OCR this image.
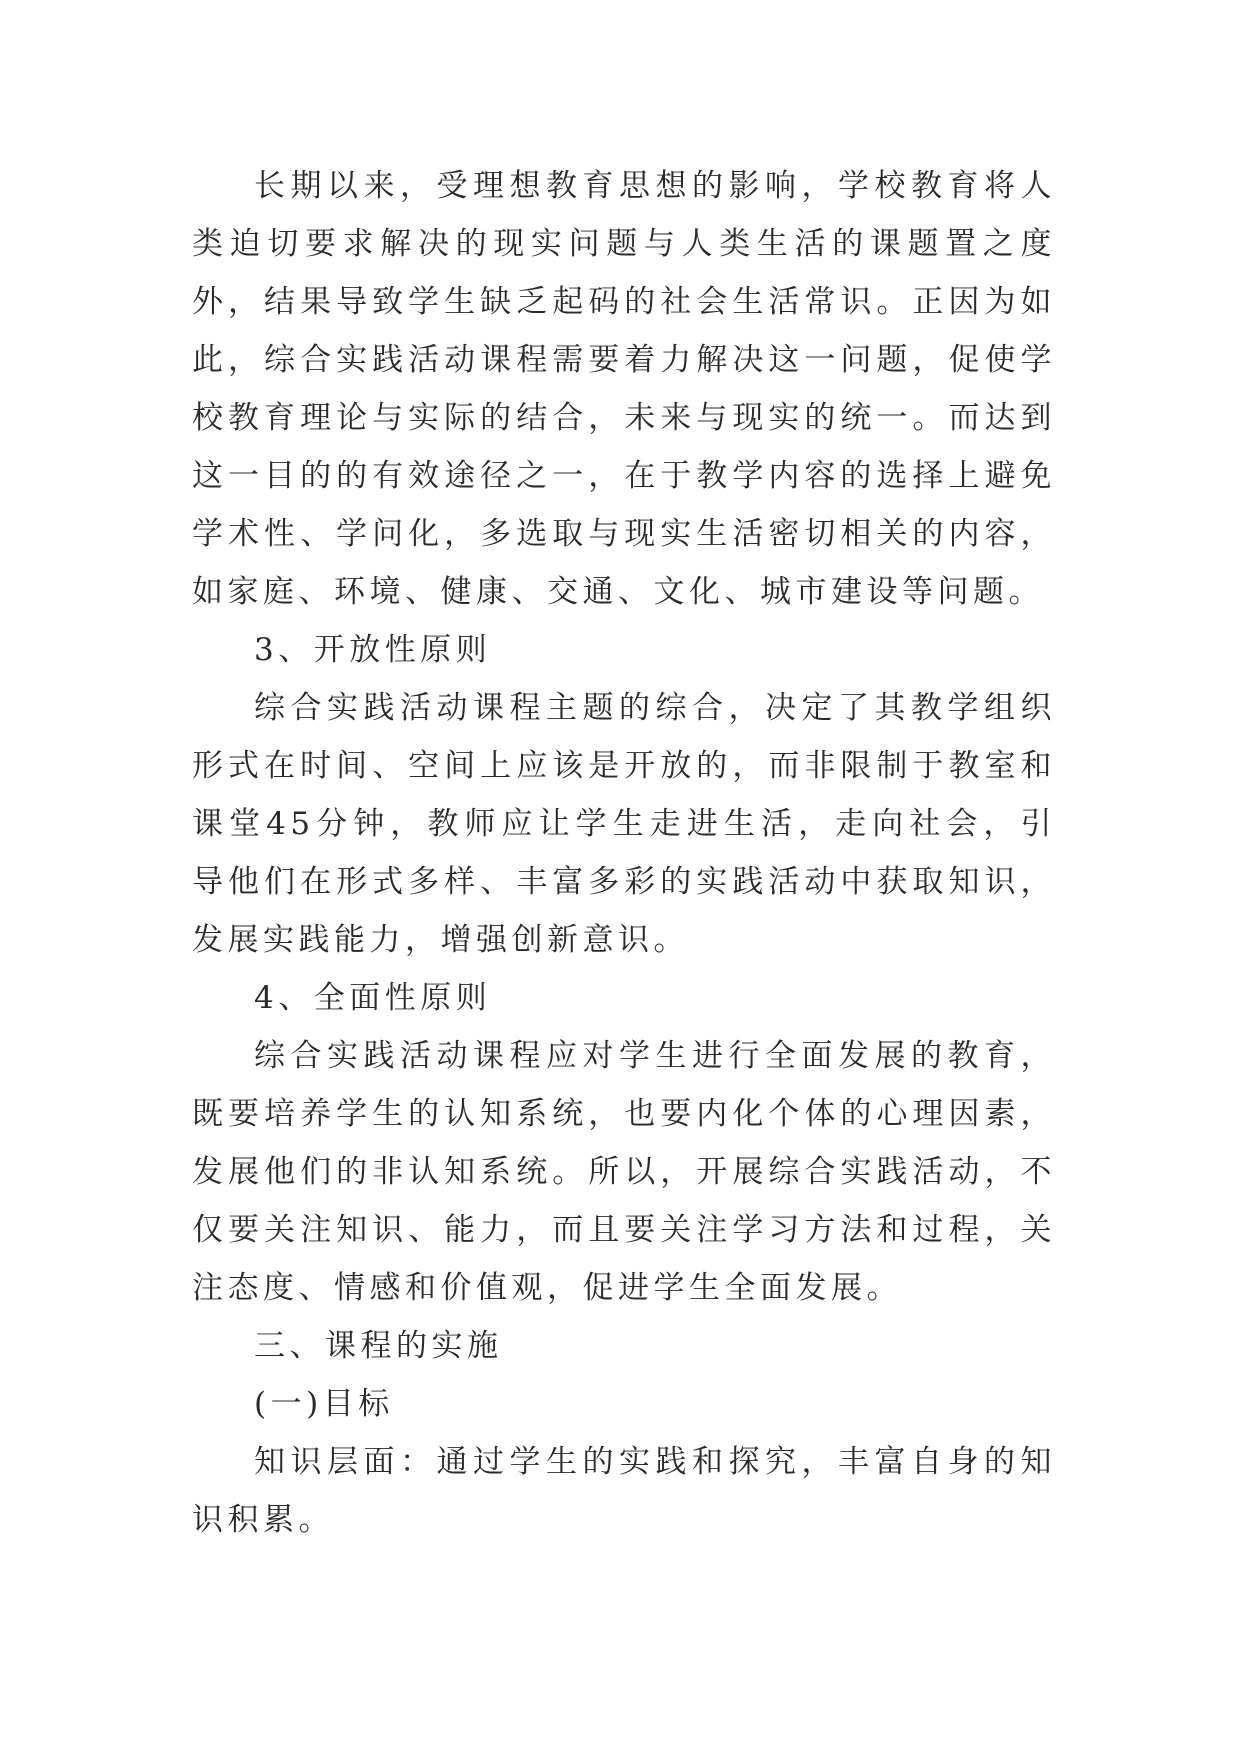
长期以来，受理想教育思想的影响，学校教育将人类迫切要求解决的现实问题与人类生活的课题置之度外，结果导致学生缺乏起码的社会生活常识。正因为如此，综合实践活动课程需要着力解决这一问题，促使学校教育理论与实际的结合，未来与现实的统一。而达到这一目的的有效途径之一，在于教学内容的选择上避免学术性、学问化，多选取与现实生活密切相关的内容，如家庭、环境、健康、交通、文化、城市建设等问题。

3、开放性原则

综合实践活动课程主题的综合，决定了其教学组织形式在时间、空间上应该是开放的，而非限制于教室和课堂45分钟，教师应让学生走进生活，走向社会，引导他们在形式多样、丰富多彩的实践活动中获取知识，发展实践能力，增强创新意识。

4、全面性原则

综合实践活动课程应对学生进行全面发展的教育，既要培养学生的认知系统，也要内化个体的心理因素，发展他们的非认知系统。所以，开展综合实践活动，不仅要关注知识、能力，而且要关注学习方法和过程，关注态度、情感和价值观，促进学生全面发展。

三、课程的实施

(一)目标

知识层面：通过学生的实践和探究，丰富自身的知识积累。
